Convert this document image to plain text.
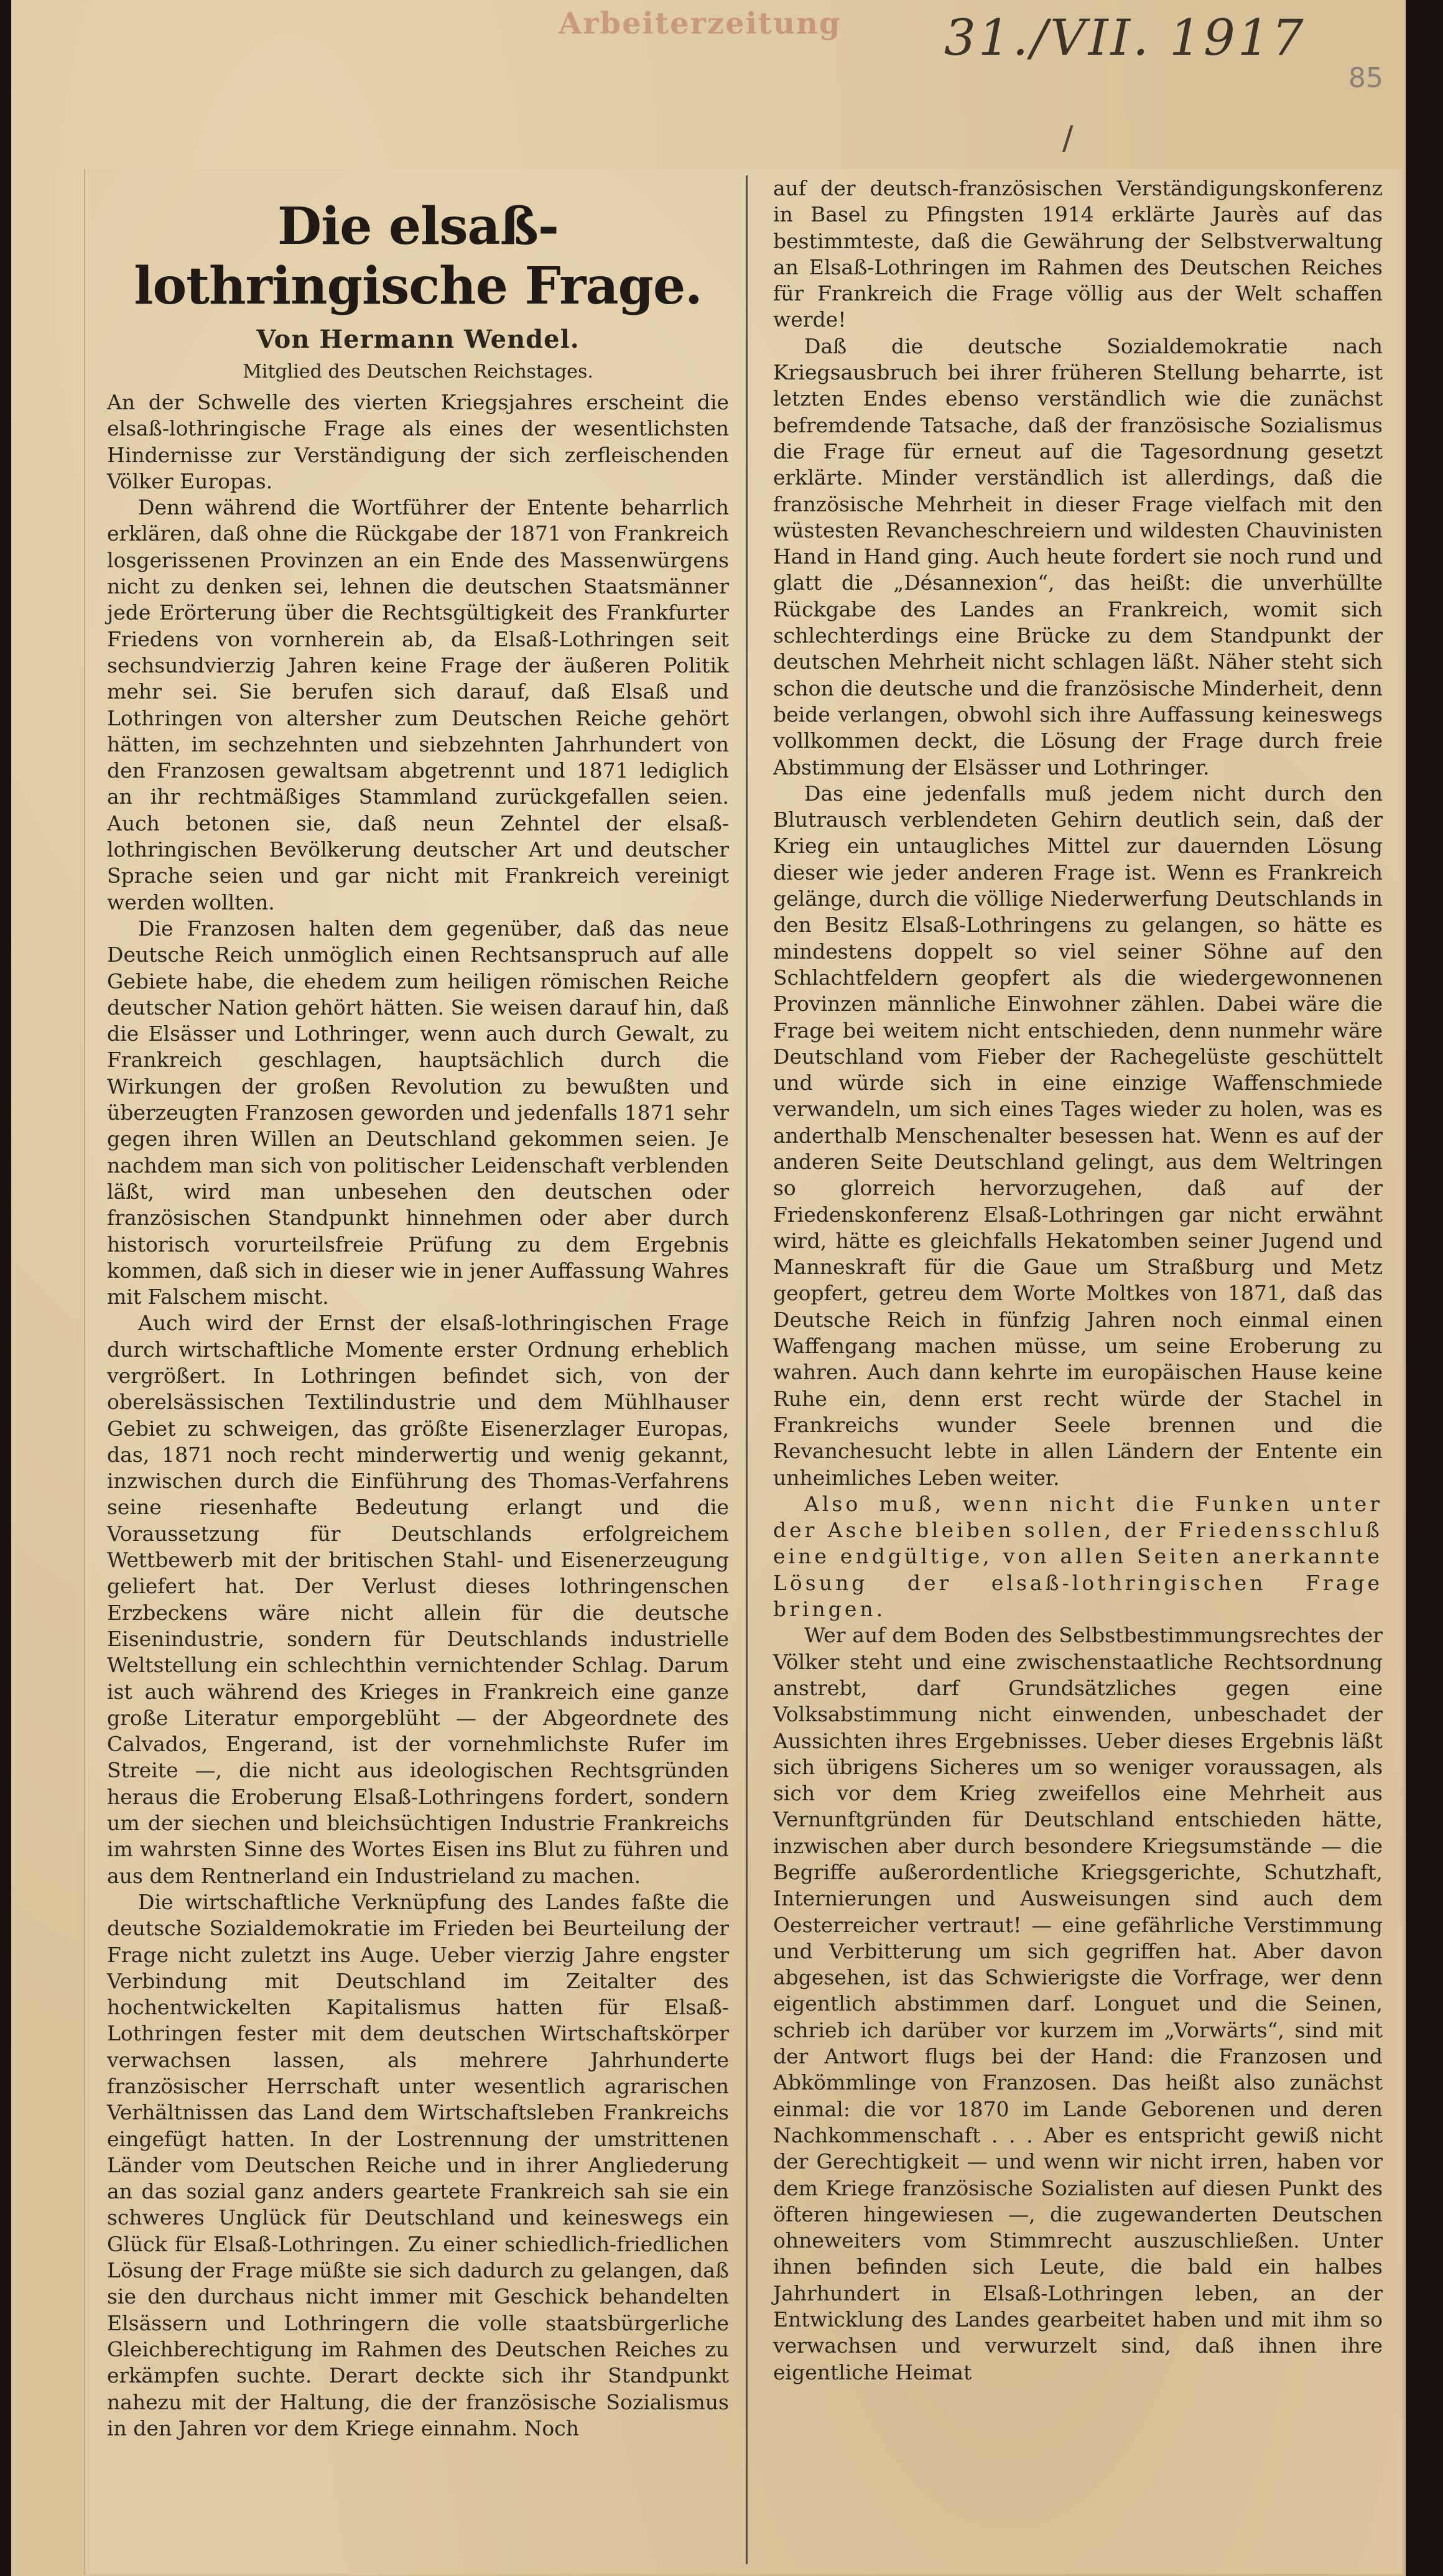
Arbeiterzeitung	31./VII. 1917
85
/
Die elsaß-lothringische Frage.
Von Hermann Wendel.
Mitglied des Deutschen Reichstages.

An der Schwelle des vierten Kriegsjahres erscheint die elsaß-lothringische Frage als eines der wesentlichsten Hindernisse zur Verständigung der sich zerfleischenden Völker Europas.

Denn während die Wortführer der Entente beharrlich erklären, daß ohne die Rückgabe der 1871 von Frankreich losgerissenen Provinzen an ein Ende des Massenwürgens nicht zu denken sei, lehnen die deutschen Staatsmänner jede Erörterung über die Rechtsgültigkeit des Frankfurter Friedens von vornherein ab, da Elsaß-Lothringen seit sechsundvierzig Jahren keine Frage der äußeren Politik mehr sei. Sie berufen sich darauf, daß Elsaß und Lothringen von altersher zum Deutschen Reiche gehört hätten, im sechzehnten und siebzehnten Jahrhundert von den Franzosen gewaltsam abgetrennt und 1871 lediglich an ihr rechtmäßiges Stammland zurückgefallen seien. Auch betonen sie, daß neun Zehntel der elsaß-lothringischen Bevölkerung deutscher Art und deutscher Sprache seien und gar nicht mit Frankreich vereinigt werden wollten.

Die Franzosen halten dem gegenüber, daß das neue Deutsche Reich unmöglich einen Rechtsanspruch auf alle Gebiete habe, die ehedem zum heiligen römischen Reiche deutscher Nation gehört hätten. Sie weisen darauf hin, daß die Elsässer und Lothringer, wenn auch durch Gewalt, zu Frankreich geschlagen, hauptsächlich durch die Wirkungen der großen Revolution zu bewußten und überzeugten Franzosen geworden und jedenfalls 1871 sehr gegen ihren Willen an Deutschland gekommen seien. Je nachdem man sich von politischer Leidenschaft verblenden läßt, wird man unbesehen den deutschen oder französischen Standpunkt hinnehmen oder aber durch historisch vorurteilsfreie Prüfung zu dem Ergebnis kommen, daß sich in dieser wie in jener Auffassung Wahres mit Falschem mischt.

Auch wird der Ernst der elsaß-lothringischen Frage durch wirtschaftliche Momente erster Ordnung erheblich vergrößert. In Lothringen befindet sich, von der oberelsässischen Textilindustrie und dem Mühlhauser Gebiet zu schweigen, das größte Eisenerzlager Europas, das, 1871 noch recht minderwertig und wenig gekannt, inzwischen durch die Einführung des Thomas-Verfahrens seine riesenhafte Bedeutung erlangt und die Voraussetzung für Deutschlands erfolgreichem Wettbewerb mit der britischen Stahl- und Eisenerzeugung geliefert hat. Der Verlust dieses lothringenschen Erzbeckens wäre nicht allein für die deutsche Eisenindustrie, sondern für Deutschlands industrielle Weltstellung ein schlechthin vernichtender Schlag. Darum ist auch während des Krieges in Frankreich eine ganze große Literatur emporgeblüht — der Abgeordnete des Calvados, Engerand, ist der vornehmlichste Rufer im Streite —, die nicht aus ideologischen Rechtsgründen heraus die Eroberung Elsaß-Lothringens fordert, sondern um der siechen und bleichsüchtigen Industrie Frankreichs im wahrsten Sinne des Wortes Eisen ins Blut zu führen und aus dem Rentnerland ein Industrieland zu machen.

Die wirtschaftliche Verknüpfung des Landes faßte die deutsche Sozialdemokratie im Frieden bei Beurteilung der Frage nicht zuletzt ins Auge. Ueber vierzig Jahre engster Verbindung mit Deutschland im Zeitalter des hochentwickelten Kapitalismus hatten für Elsaß-Lothringen fester mit dem deutschen Wirtschaftskörper verwachsen lassen, als mehrere Jahrhunderte französischer Herrschaft unter wesentlich agrarischen Verhältnissen das Land dem Wirtschaftsleben Frankreichs eingefügt hatten. In der Lostrennung der umstrittenen Länder vom Deutschen Reiche und in ihrer Angliederung an das sozial ganz anders geartete Frankreich sah sie ein schweres Unglück für Deutschland und keineswegs ein Glück für Elsaß-Lothringen. Zu einer schiedlich-friedlichen Lösung der Frage müßte sie sich dadurch zu gelangen, daß sie den durchaus nicht immer mit Geschick behandelten Elsässern und Lothringern die volle staatsbürgerliche Gleichberechtigung im Rahmen des Deutschen Reiches zu erkämpfen suchte. Derart deckte sich ihr Standpunkt nahezu mit der Haltung, die der französische Sozialismus in den Jahren vor dem Kriege einnahm. Noch

auf der deutsch-französischen Verständigungskonferenz in Basel zu Pfingsten 1914 erklärte Jaurès auf das bestimmteste, daß die Gewährung der Selbstverwaltung an Elsaß-Lothringen im Rahmen des Deutschen Reiches für Frankreich die Frage völlig aus der Welt schaffen werde!

Daß die deutsche Sozialdemokratie nach Kriegsausbruch bei ihrer früheren Stellung beharrte, ist letzten Endes ebenso verständlich wie die zunächst befremdende Tatsache, daß der französische Sozialismus die Frage für erneut auf die Tagesordnung gesetzt erklärte. Minder verständlich ist allerdings, daß die französische Mehrheit in dieser Frage vielfach mit den wüstesten Revancheschreiern und wildesten Chauvinisten Hand in Hand ging. Auch heute fordert sie noch rund und glatt die „Désannexion“, das heißt: die unverhüllte Rückgabe des Landes an Frankreich, womit sich schlechterdings eine Brücke zu dem Standpunkt der deutschen Mehrheit nicht schlagen läßt. Näher steht sich schon die deutsche und die französische Minderheit, denn beide verlangen, obwohl sich ihre Auffassung keineswegs vollkommen deckt, die Lösung der Frage durch freie Abstimmung der Elsässer und Lothringer.

Das eine jedenfalls muß jedem nicht durch den Blutrausch verblendeten Gehirn deutlich sein, daß der Krieg ein untaugliches Mittel zur dauernden Lösung dieser wie jeder anderen Frage ist. Wenn es Frankreich gelänge, durch die völlige Niederwerfung Deutschlands in den Besitz Elsaß-Lothringens zu gelangen, so hätte es mindestens doppelt so viel seiner Söhne auf den Schlachtfeldern geopfert als die wiedergewonnenen Provinzen männliche Einwohner zählen. Dabei wäre die Frage bei weitem nicht entschieden, denn nunmehr wäre Deutschland vom Fieber der Rachegelüste geschüttelt und würde sich in eine einzige Waffenschmiede verwandeln, um sich eines Tages wieder zu holen, was es anderthalb Menschenalter besessen hat. Wenn es auf der anderen Seite Deutschland gelingt, aus dem Weltringen so glorreich hervorzugehen, daß auf der Friedenskonferenz Elsaß-Lothringen gar nicht erwähnt wird, hätte es gleichfalls Hekatomben seiner Jugend und Manneskraft für die Gaue um Straßburg und Metz geopfert, getreu dem Worte Moltkes von 1871, daß das Deutsche Reich in fünfzig Jahren noch einmal einen Waffengang machen müsse, um seine Eroberung zu wahren. Auch dann kehrte im europäischen Hause keine Ruhe ein, denn erst recht würde der Stachel in Frankreichs wunder Seele brennen und die Revanchesucht lebte in allen Ländern der Entente ein unheimliches Leben weiter.

Also muß, wenn nicht die Funken unter der Asche bleiben sollen, der Friedensschluß eine endgültige, von allen Seiten anerkannte Lösung der elsaß-lothringischen Frage bringen.

Wer auf dem Boden des Selbstbestimmungsrechtes der Völker steht und eine zwischenstaatliche Rechtsordnung anstrebt, darf Grundsätzliches gegen eine Volksabstimmung nicht einwenden, unbeschadet der Aussichten ihres Ergebnisses. Ueber dieses Ergebnis läßt sich übrigens Sicheres um so weniger voraussagen, als sich vor dem Krieg zweifellos eine Mehrheit aus Vernunftgründen für Deutschland entschieden hätte, inzwischen aber durch besondere Kriegsumstände — die Begriffe außerordentliche Kriegsgerichte, Schutzhaft, Internierungen und Ausweisungen sind auch dem Oesterreicher vertraut! — eine gefährliche Verstimmung und Verbitterung um sich gegriffen hat. Aber davon abgesehen, ist das Schwierigste die Vorfrage, wer denn eigentlich abstimmen darf. Longuet und die Seinen, schrieb ich darüber vor kurzem im „Vorwärts“, sind mit der Antwort flugs bei der Hand: die Franzosen und Abkömmlinge von Franzosen. Das heißt also zunächst einmal: die vor 1870 im Lande Geborenen und deren Nachkommenschaft . . . Aber es entspricht gewiß nicht der Gerechtigkeit — und wenn wir nicht irren, haben vor dem Kriege französische Sozialisten auf diesen Punkt des öfteren hingewiesen —, die zugewanderten Deutschen ohneweiters vom Stimmrecht auszuschließen. Unter ihnen befinden sich Leute, die bald ein halbes Jahrhundert in Elsaß-Lothringen leben, an der Entwicklung des Landes gearbeitet haben und mit ihm so verwachsen und verwurzelt sind, daß ihnen ihre eigentliche Heimat
